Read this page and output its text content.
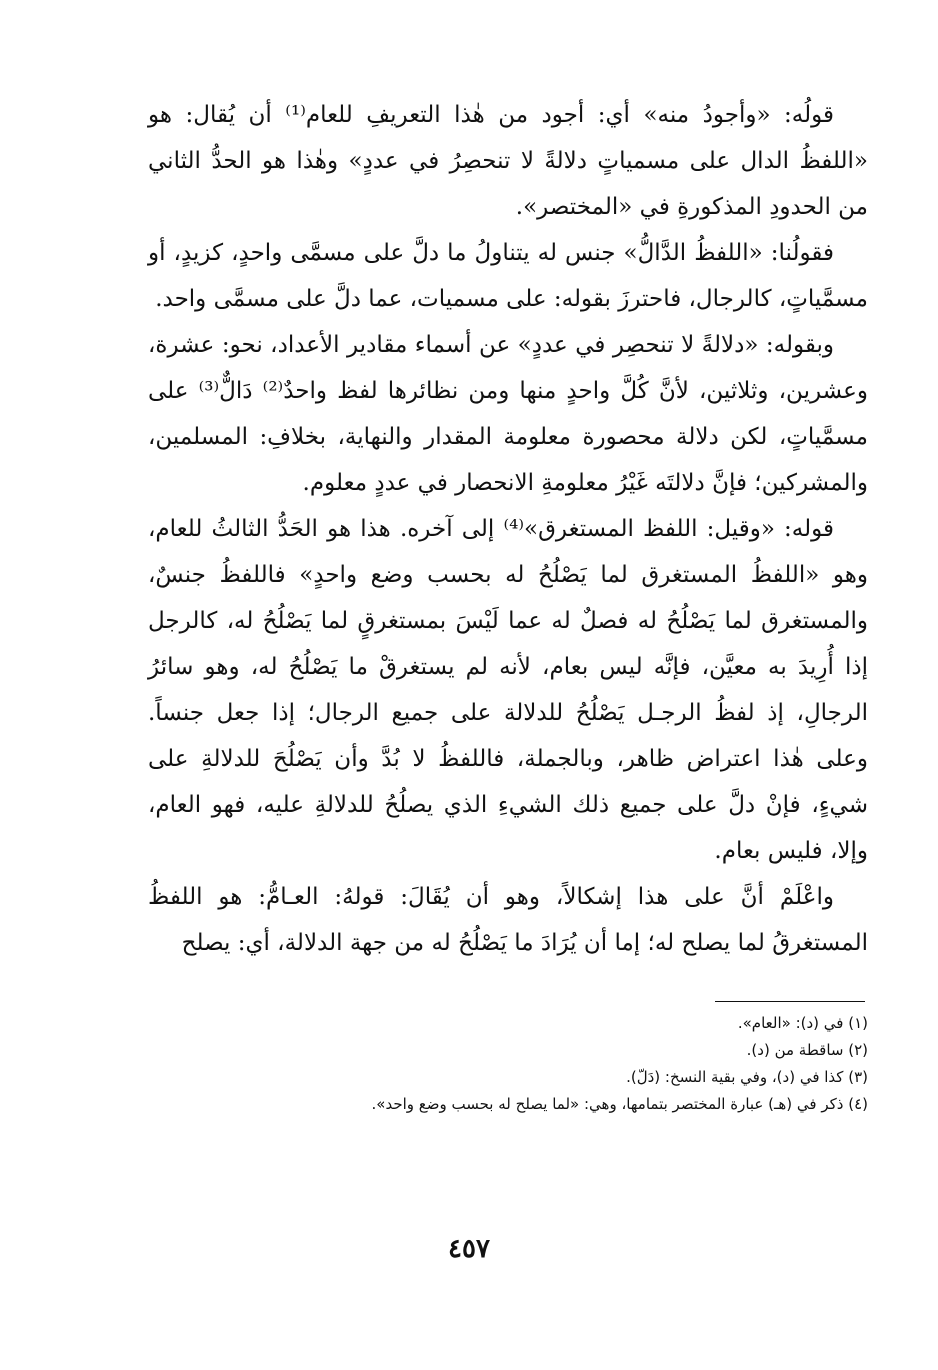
قولُه: «وأجودُ منه» أي: أجود من هٰذا التعريفِ للعام⁽¹⁾ أن يُقال: هو «اللفظُ الدال على مسمياتٍ دلالةً لا تنحصِرُ في عددٍ» وهٰذا هو الحدُّ الثاني من الحدودِ المذكورةِ في «المختصر».

فقولُنا: «اللفظُ الدَّالُّ» جنس له يتناولُ ما دلَّ على مسمَّى واحدٍ، كزيدٍ، أو مسمَّياتٍ، كالرجال، فاحترزَ بقوله: على مسميات، عما دلَّ على مسمَّى واحد.

وبقوله: «دلالةً لا تنحصِر في عددٍ» عن أسماء مقادير الأعداد، نحو: عشرة، وعشرين، وثلاثين، لأنَّ كُلَّ واحدٍ منها ومن نظائرها لفظ واحدٌ⁽²⁾ دَالٌّ⁽³⁾ على مسمَّياتٍ، لكن دلالة محصورة معلومة المقدار والنهاية، بخلافِ: المسلمين، والمشركين؛ فإنَّ دلالتَه غَيْرُ معلومةِ الانحصار في عددٍ معلوم.

قوله: «وقيل: اللفظ المستغرق»⁽⁴⁾ إلى آخره. هذا هو الحَدُّ الثالثُ للعام، وهو «اللفظُ المستغرق لما يَصْلُحُ له بحسب وضع واحدٍ» فاللفظُ جنسٌ، والمستغرق لما يَصْلُحُ له فصلٌ له عما لَيْسَ بمستغرقٍ لما يَصْلُحُ له، كالرجل إذا أُرِيدَ به معيَّن، فإنَّه ليس بعام، لأنه لم يستغرقْ ما يَصْلُحُ له، وهو سائرُ الرجالِ، إذ لفظُ الرجـل يَصْلُحُ للدلالة على جميع الرجال؛ إذا جعل جنساً. وعلى هٰذا اعتراض ظاهر، وبالجملة، فاللفظُ لا بُدَّ وأن يَصْلُحَ للدلالةِ على شيءٍ، فإنْ دلَّ على جميع ذلك الشيءِ الذي يصلُحُ للدلالةِ عليه، فهو العام، وإلا، فليس بعام.

واعْلَمْ أنَّ على هذا إشكالاً، وهو أن يُقَالَ: قولهُ: العـامُّ: هو اللفظُ المستغرقُ لما يصلح له؛ إما أن يُرَادَ ما يَصْلُحُ له من جهة الدلالة، أي: يصلح

(١) في (د): «العام».
(٢) ساقطة من (د).
(٣) كذا في (د)، وفي بقية النسخ: (دَلّ).
(٤) ذكر في (هـ) عبارة المختصر بتمامها، وهي: «لما يصلح له بحسب وضع واحد».
٤٥٧
